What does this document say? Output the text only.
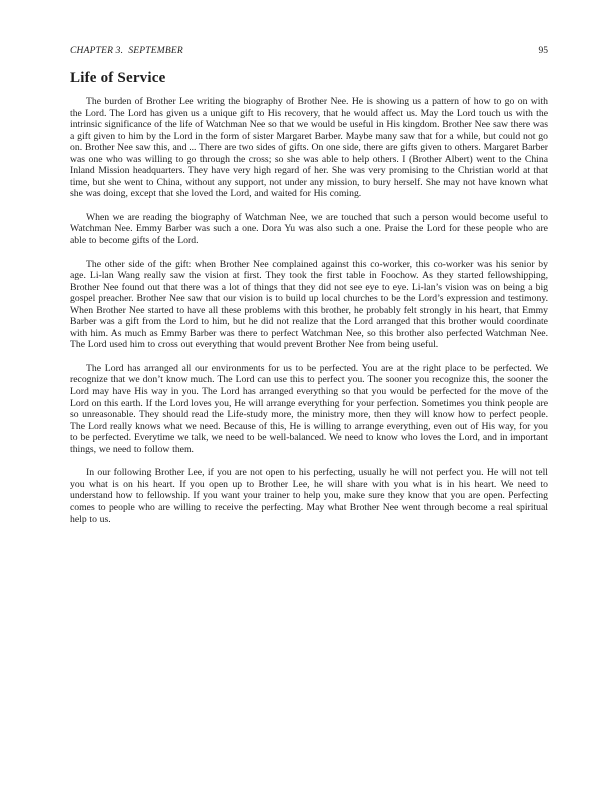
CHAPTER 3.  SEPTEMBER	95
Life of Service

The burden of Brother Lee writing the biography of Brother Nee. He is showing us a pattern of how to go on with the Lord. The Lord has given us a unique gift to His recovery, that he would affect us. May the Lord touch us with the intrinsic significance of the life of Watchman Nee so that we would be useful in His kingdom. Brother Nee saw there was a gift given to him by the Lord in the form of sister Margaret Barber. Maybe many saw that for a while, but could not go on. Brother Nee saw this, and ... There are two sides of gifts. On one side, there are gifts given to others. Margaret Barber was one who was willing to go through the cross; so she was able to help others. I (Brother Albert) went to the China Inland Mission headquarters. They have very high regard of her. She was very promising to the Christian world at that time, but she went to China, without any support, not under any mission, to bury herself. She may not have known what she was doing, except that she loved the Lord, and waited for His coming.

When we are reading the biography of Watchman Nee, we are touched that such a person would become useful to Watchman Nee. Emmy Barber was such a one. Dora Yu was also such a one. Praise the Lord for these people who are able to become gifts of the Lord.

The other side of the gift: when Brother Nee complained against this co-worker, this co-worker was his senior by age. Li-lan Wang really saw the vision at first. They took the first table in Foochow. As they started fellowshipping, Brother Nee found out that there was a lot of things that they did not see eye to eye. Li-lan’s vision was on being a big gospel preacher. Brother Nee saw that our vision is to build up local churches to be the Lord’s expression and testimony. When Brother Nee started to have all these problems with this brother, he probably felt strongly in his heart, that Emmy Barber was a gift from the Lord to him, but he did not realize that the Lord arranged that this brother would coordinate with him. As much as Emmy Barber was there to perfect Watchman Nee, so this brother also perfected Watchman Nee. The Lord used him to cross out everything that would prevent Brother Nee from being useful.

The Lord has arranged all our environments for us to be perfected. You are at the right place to be perfected. We recognize that we don’t know much. The Lord can use this to perfect you. The sooner you recognize this, the sooner the Lord may have His way in you. The Lord has arranged everything so that you would be perfected for the move of the Lord on this earth. If the Lord loves you, He will arrange everything for your perfection. Sometimes you think people are so unreasonable. They should read the Life-study more, the ministry more, then they will know how to perfect people. The Lord really knows what we need. Because of this, He is willing to arrange everything, even out of His way, for you to be perfected. Everytime we talk, we need to be well-balanced. We need to know who loves the Lord, and in important things, we need to follow them.

In our following Brother Lee, if you are not open to his perfecting, usually he will not perfect you. He will not tell you what is on his heart. If you open up to Brother Lee, he will share with you what is in his heart. We need to understand how to fellowship. If you want your trainer to help you, make sure they know that you are open. Perfecting comes to people who are willing to receive the perfecting. May what Brother Nee went through become a real spiritual help to us.
